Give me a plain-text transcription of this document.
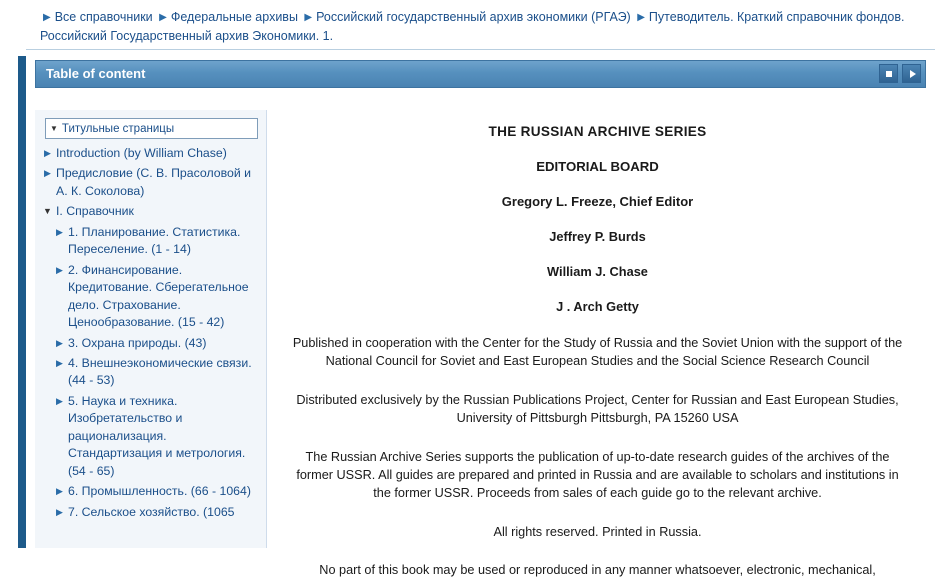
▶ Все справочники ▶ Федеральные архивы ▶ Российский государственный архив экономики (РГАЭ) ▶ Путеводитель. Краткий справочник фондов. Российский Государственный архив Экономики. 1.
Table of content
▼ Титульные страницы
▶ Introduction (by William Chase)
▶ Предисловие (С. В. Прасоловой и А. К. Соколова)
▼ I. Справочник
▶ 1. Планирование. Статистика. Переселение. (1 - 14)
▶ 2. Финансирование. Кредитование. Сберегательное дело. Страхование. Ценообразование. (15 - 42)
▶ 3. Охрана природы. (43)
▶ 4. Внешнеэкономические связи. (44 - 53)
▶ 5. Наука и техника. Изобретательство и рационализация. Стандартизация и метрология. (54 - 65)
▶ 6. Промышленность. (66 - 1064)
▶ 7. Сельское хозяйство. (1065
THE RUSSIAN ARCHIVE SERIES
EDITORIAL BOARD
Gregory L. Freeze, Chief Editor
Jeffrey P. Burds
William J. Chase
J . Arch Getty

Published in cooperation with the Center for the Study of Russia and the Soviet Union with the support of the National Council for Soviet and East European Studies and the Social Science Research Council

Distributed exclusively by the Russian Publications Project, Center for Russian and East European Studies, University of Pittsburgh Pittsburgh, PA 15260 USA

The Russian Archive Series supports the publication of up-to-date research guides of the archives of the former USSR. All guides are prepared and printed in Russia and are available to scholars and institutions in the former USSR. Proceeds from sales of each guide go to the relevant archive.

All rights reserved. Printed in Russia.

No part of this book may be used or reproduced in any manner whatsoever, electronic, mechanical,
